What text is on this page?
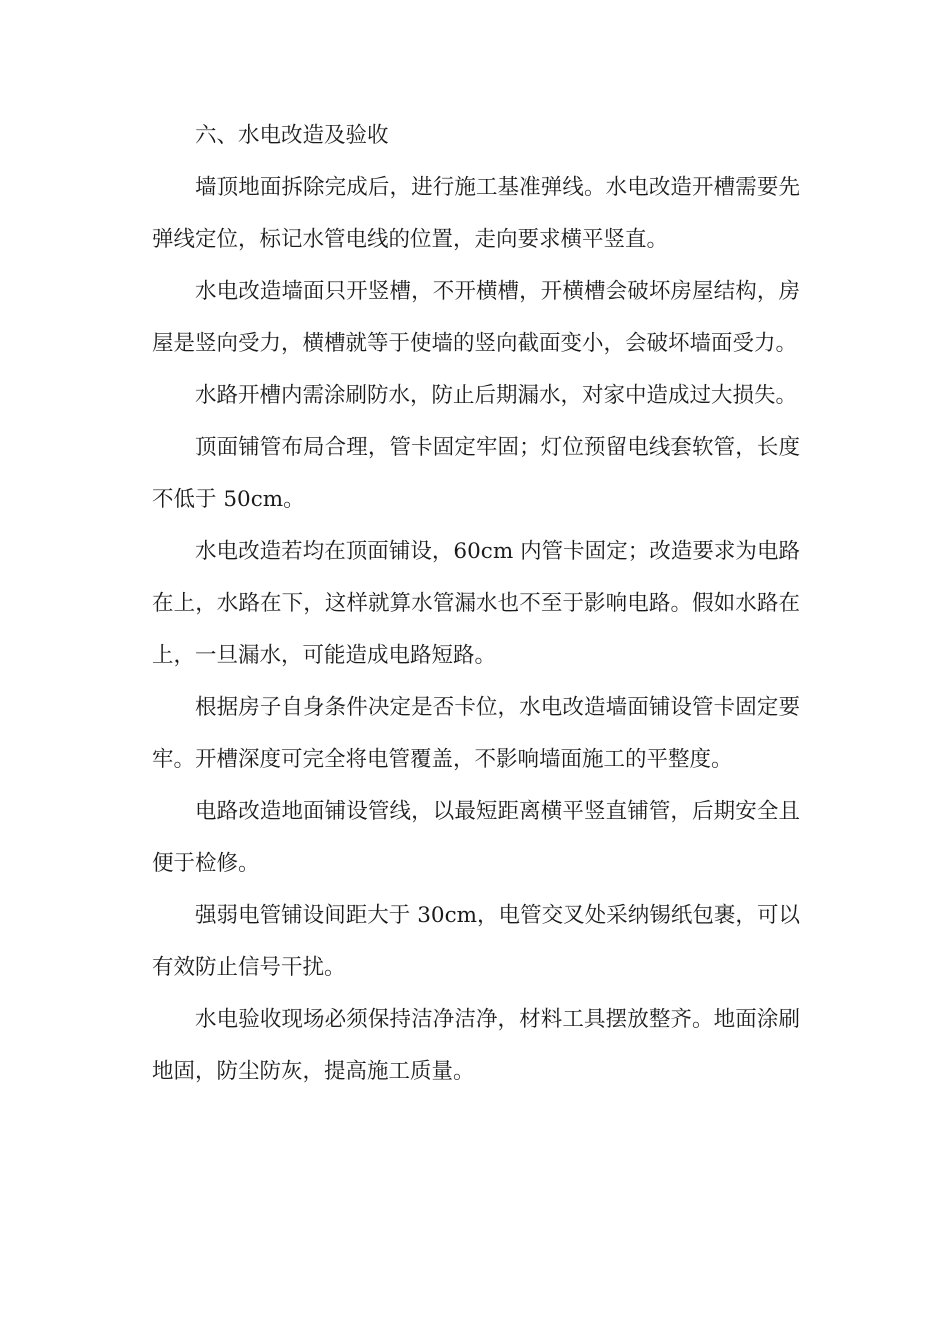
六、水电改造及验收

墙顶地面拆除完成后，进行施工基准弹线。水电改造开槽需要先弹线定位，标记水管电线的位置，走向要求横平竖直。

水电改造墙面只开竖槽，不开横槽，开横槽会破坏房屋结构，房屋是竖向受力，横槽就等于使墙的竖向截面变小，会破坏墙面受力。

水路开槽内需涂刷防水，防止后期漏水，对家中造成过大损失。

顶面铺管布局合理，管卡固定牢固；灯位预留电线套软管，长度不低于 50cm。

水电改造若均在顶面铺设，60cm 内管卡固定；改造要求为电路在上，水路在下，这样就算水管漏水也不至于影响电路。假如水路在上，一旦漏水，可能造成电路短路。

根据房子自身条件决定是否卡位，水电改造墙面铺设管卡固定要牢。开槽深度可完全将电管覆盖，不影响墙面施工的平整度。

电路改造地面铺设管线，以最短距离横平竖直铺管，后期安全且便于检修。

强弱电管铺设间距大于 30cm，电管交叉处采纳锡纸包裹，可以有效防止信号干扰。

水电验收现场必须保持洁净洁净，材料工具摆放整齐。地面涂刷地固，防尘防灰，提高施工质量。
